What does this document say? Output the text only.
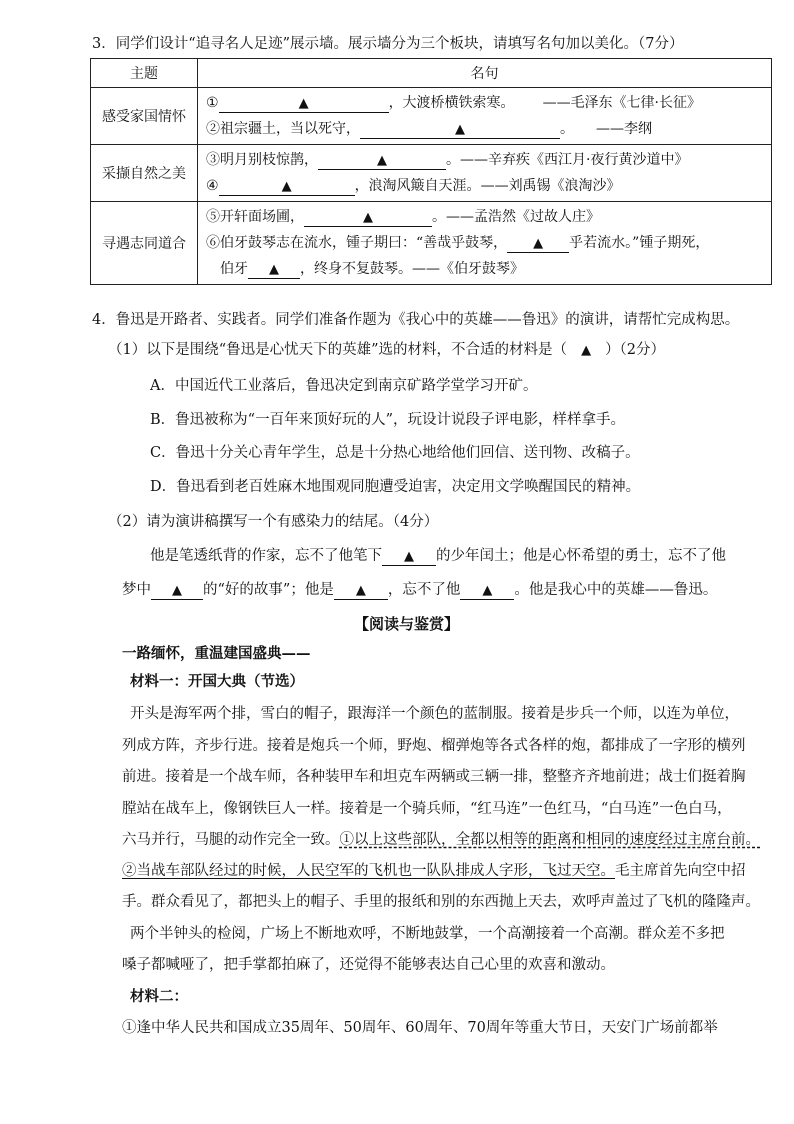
3．同学们设计“追寻名人足迹”展示墙。展示墙分为三个板块，请填写名句加以美化。（7分）
主题	名句
感受家国情怀	① ▲ ，大渡桥横铁索寒。 ——毛泽东《七律·长征》
②祖宗疆土，当以死守， ▲ 。 ——李纲

采撷自然之美	③明月别枝惊鹊， ▲ 。——辛弃疾《西江月·夜行黄沙道中》
④ ▲ ，浪淘风簸自天涯。——刘禹锡《浪淘沙》

寻遇志同道合	⑤开轩面场圃， ▲ 。——孟浩然《过故人庄》
⑥伯牙鼓琴志在流水，锺子期曰：“善哉乎鼓琴， ▲ 乎若流水。”锺子期死，
伯牙 ▲ ，终身不复鼓琴。——《伯牙鼓琴》
4．鲁迅是开路者、实践者。同学们准备作题为《我心中的英雄——鲁迅》的演讲，请帮忙完成构思。
（1）以下是围绕“鲁迅是心忧天下的英雄”选的材料，不合适的材料是（ ▲ ）（2分）
A．中国近代工业落后，鲁迅决定到南京矿路学堂学习开矿。
B．鲁迅被称为“一百年来顶好玩的人”，玩设计说段子评电影，样样拿手。
C．鲁迅十分关心青年学生，总是十分热心地给他们回信、送刊物、改稿子。
D．鲁迅看到老百姓麻木地围观同胞遭受迫害，决定用文学唤醒国民的精神。
（2）请为演讲稿撰写一个有感染力的结尾。（4分）
他是笔透纸背的作家，忘不了他笔下 ▲ 的少年闰土；他是心怀希望的勇士，忘不了他
梦中 ▲ 的“好的故事”；他是 ▲ ，忘不了他 ▲ 。他是我心中的英雄——鲁迅。
【阅读与鉴赏】
一路缅怀，重温建国盛典——
材料一：开国大典（节选）
开头是海军两个排，雪白的帽子，跟海洋一个颜色的蓝制服。接着是步兵一个师，以连为单位，
列成方阵，齐步行进。接着是炮兵一个师，野炮、榴弹炮等各式各样的炮，都排成了一字形的横列
前进。接着是一个战车师，各种装甲车和坦克车两辆或三辆一排，整整齐齐地前进；战士们挺着胸
膛站在战车上，像钢铁巨人一样。接着是一个骑兵师，“红马连”一色红马，“白马连”一色白马，
六马并行，马腿的动作完全一致。①以上这些部队，全都以相等的距离和相同的速度经过主席台前。
②当战车部队经过的时候，人民空军的飞机也一队队排成人字形，飞过天空。毛主席首先向空中招
手。群众看见了，都把头上的帽子、手里的报纸和别的东西抛上天去，欢呼声盖过了飞机的隆隆声。
两个半钟头的检阅，广场上不断地欢呼，不断地鼓掌，一个高潮接着一个高潮。群众差不多把
嗓子都喊哑了，把手掌都拍麻了，还觉得不能够表达自己心里的欢喜和激动。
材料二：
①逢中华人民共和国成立35周年、50周年、60周年、70周年等重大节日，天安门广场前都举
